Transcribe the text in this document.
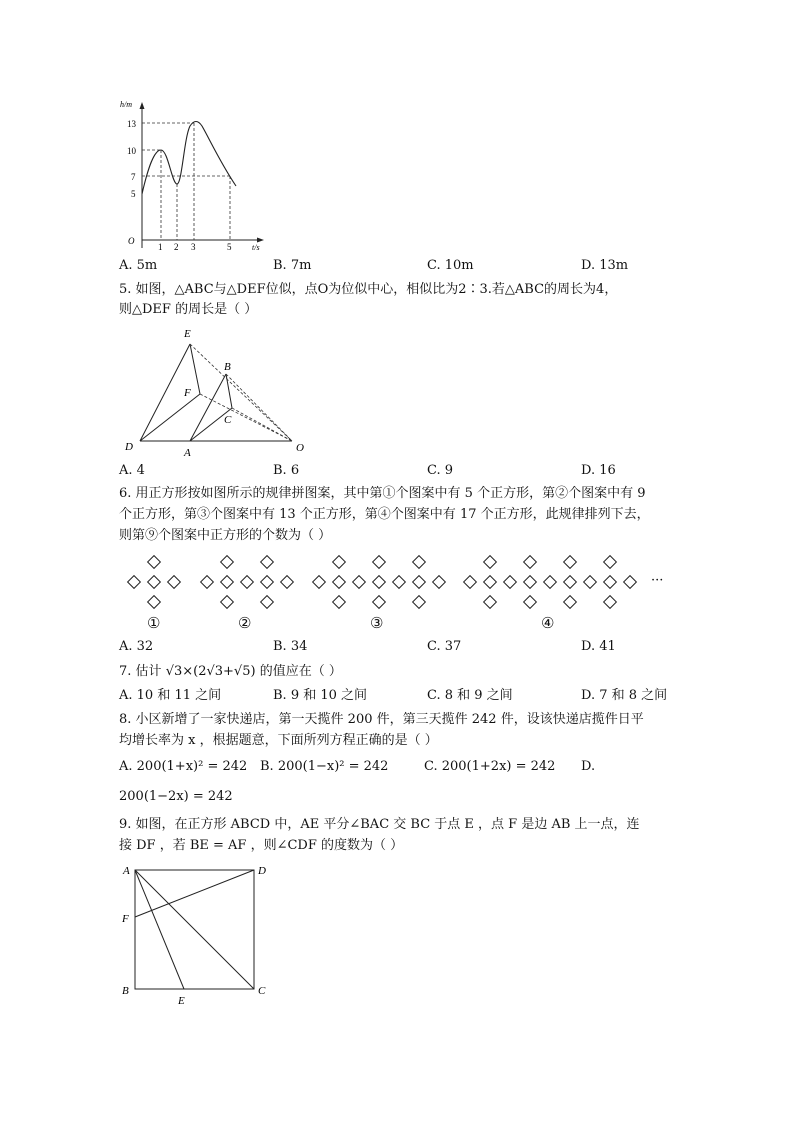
h/m
13
10
7
5
O
1 2 3	5	t/s
A. 5m	B. 7m	C. 10m	D. 13m
5. 如图，△ABC与△DEF位似，点O为位似中心，相似比为2∶3.若△ABC的周长为4，
则△DEF 的周长是（ ）
E
B
F
C
D	A	O
A. 4	B. 6	C. 9	D. 16
6. 用正方形按如图所示的规律拼图案，其中第①个图案中有 5 个正方形，第②个图案中有 9
个正方形，第③个图案中有 13 个正方形，第④个图案中有 17 个正方形，此规律排列下去，
则第⑨个图案中正方形的个数为（ ）
···
①	②	③	④
A. 32	B. 34	C. 37	D. 41
7. 估计 √3×(2√3+√5) 的值应在（ ）
A. 10 和 11 之间	B. 9 和 10 之间	C. 8 和 9 之间	D. 7 和 8 之间
8. 小区新增了一家快递店，第一天揽件 200 件，第三天揽件 242 件，设该快递店揽件日平
均增长率为 x ，根据题意，下面所列方程正确的是（ ）
A. 200(1+x)² = 242 B. 200(1−x)² = 242	C. 200(1+2x) = 242 D.
200(1−2x) = 242
9. 如图，在正方形 ABCD 中，AE 平分∠BAC 交 BC 于点 E ，点 F 是边 AB 上一点，连
接 DF ，若 BE = AF ，则∠CDF 的度数为（ ）
A	D
F
B
E
C
